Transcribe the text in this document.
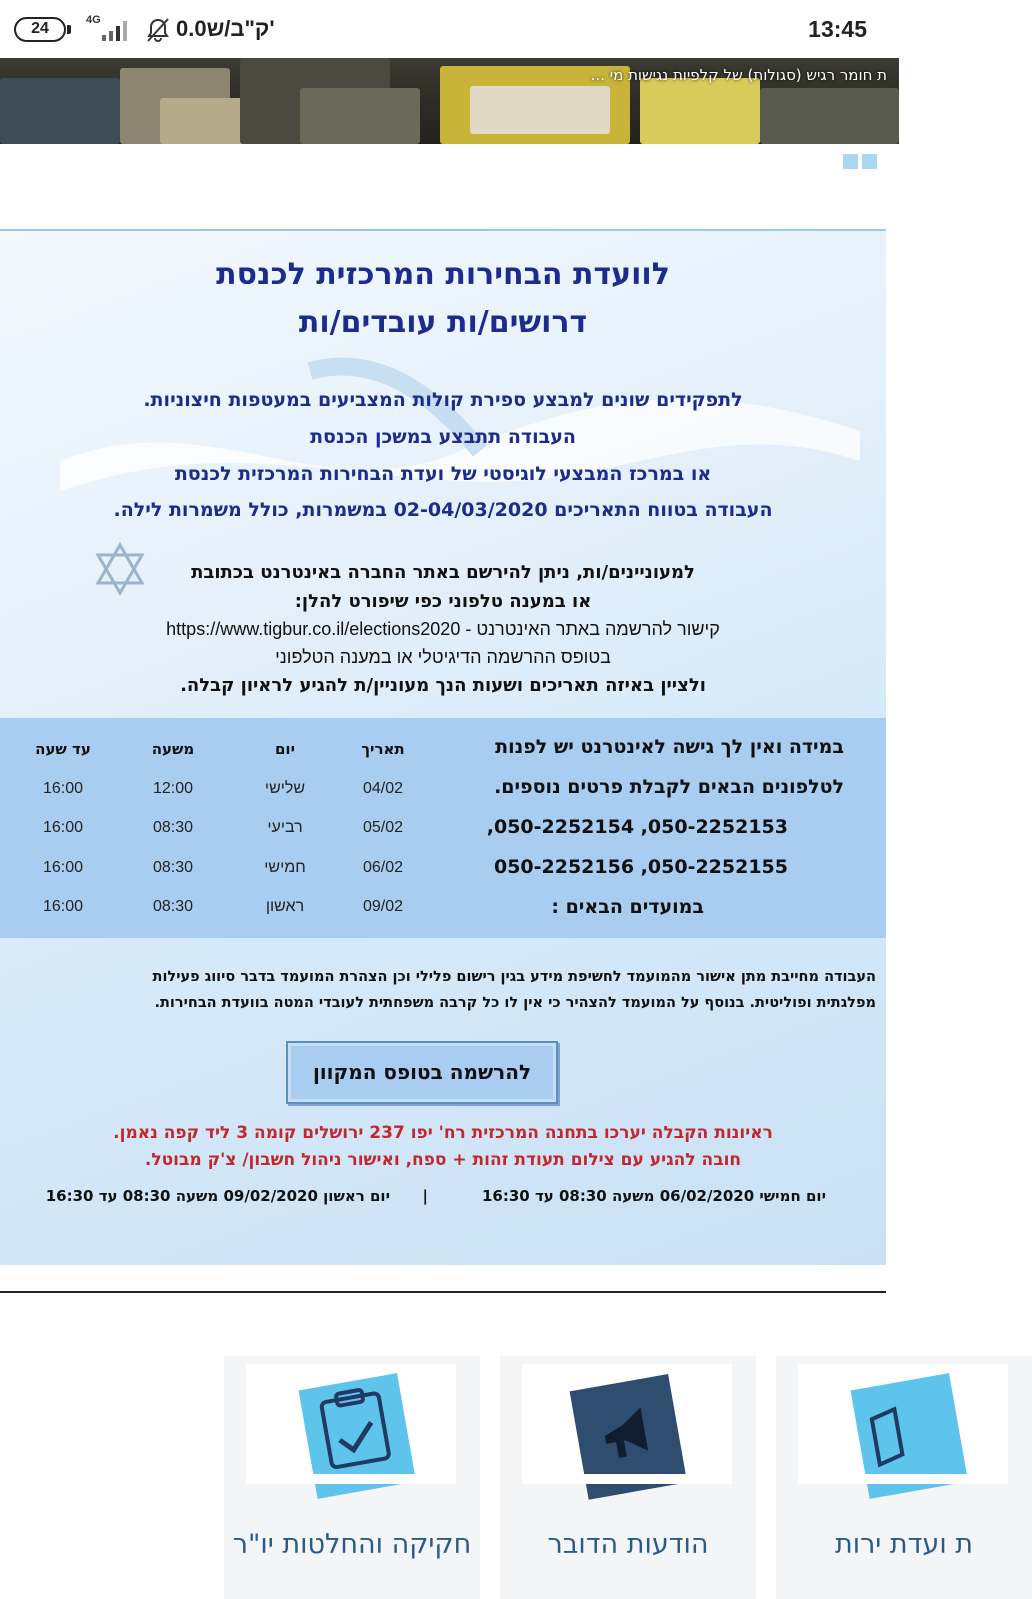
24	4G	0.0ק"ב/ש'	13:45
ת חומר רגיש (סגולות) של קלפיות נגישות מי ...
לוועדת הבחירות המרכזית לכנסת
דרושים/ות עובדים/ות
לתפקידים שונים למבצע ספירת קולות המצביעים במעטפות חיצוניות.
העבודה תתבצע במשכן הכנסת
או במרכז המבצעי לוגיסטי של ועדת הבחירות המרכזית לכנסת
העבודה בטווח התאריכים 02-04/03/2020 במשמרות, כולל משמרות לילה.
למעוניינים/ות, ניתן להירשם באתר החברה באינטרנט בכתובת
או במענה טלפוני כפי שיפורט להלן:
קישור להרשמה באתר האינטרנט - https://www.tigbur.co.il/elections2020
בטופס ההרשמה הדיגיטלי או במענה הטלפוני
ולציין באיזה תאריכים ושעות הנך מעוניין/ת להגיע לראיון קבלה.
עד שעה	משעה	יום	תאריך
16:00	12:00	שלישי	04/02
16:00	08:30	רביעי	05/02
16:00	08:30	חמישי	06/02
16:00	08:30	ראשון	09/02
במידה ואין לך גישה לאינטרנט יש לפנות
לטלפונים הבאים לקבלת פרטים נוספים.
050-2252153, 050-2252154,
050-2252155, 050-2252156
במועדים הבאים :
העבודה מחייבת מתן אישור מהמועמד לחשיפת מידע בגין רישום פלילי וכן הצהרת המועמד בדבר סיווג פעילות
מפלגתית ופוליטית. בנוסף על המועמד להצהיר כי אין לו כל קרבה משפחתית לעובדי המטה בוועדת הבחירות.
להרשמה בטופס המקוון
ראיונות הקבלה יערכו בתחנה המרכזית רח' יפו 237 ירושלים קומה 3 ליד קפה נאמן.
חובה להגיע עם צילום תעודת זהות + ספח, ואישור ניהול חשבון/ צ'ק מבוטל.
יום חמישי 06/02/2020 משעה 08:30 עד 16:30
|
יום ראשון 09/02/2020 משעה 08:30 עד 16:30
חקיקה והחלטות יו"ר	הודעות הדובר	ת ועדת ירות
